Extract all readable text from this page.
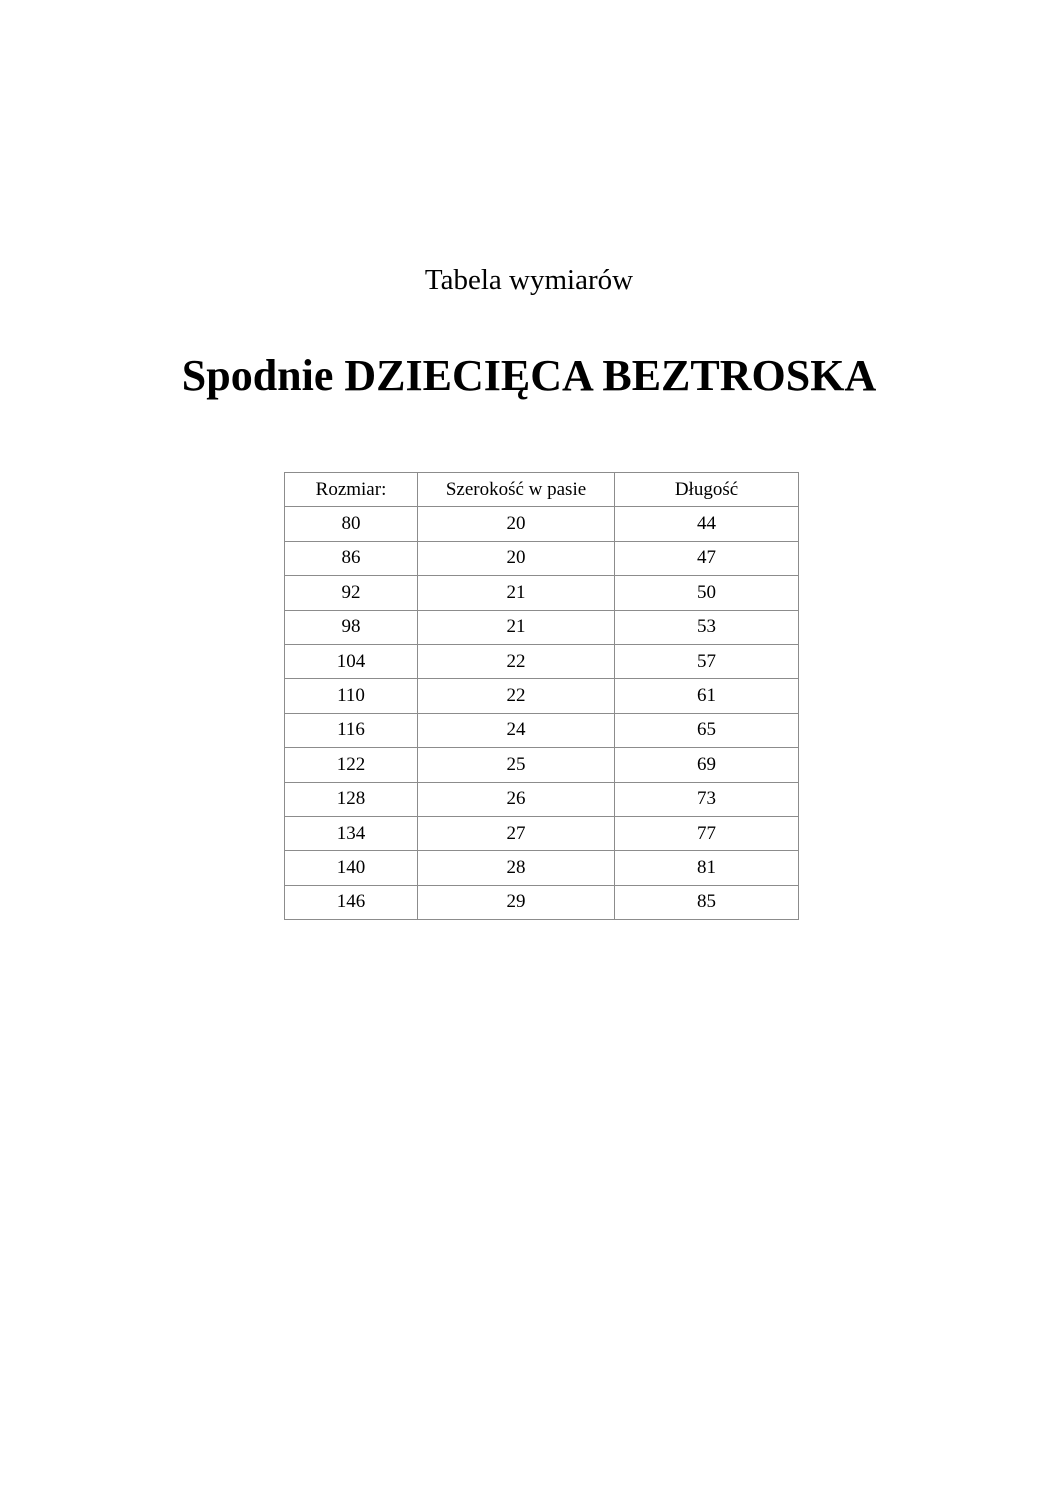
Tabela wymiarów
Spodnie DZIECIĘCA BEZTROSKA
Rozmiar:	Szerokość w pasie	Długość
80	20	44
86	20	47
92	21	50
98	21	53
104	22	57
110	22	61
116	24	65
122	25	69
128	26	73
134	27	77
140	28	81
146	29	85
